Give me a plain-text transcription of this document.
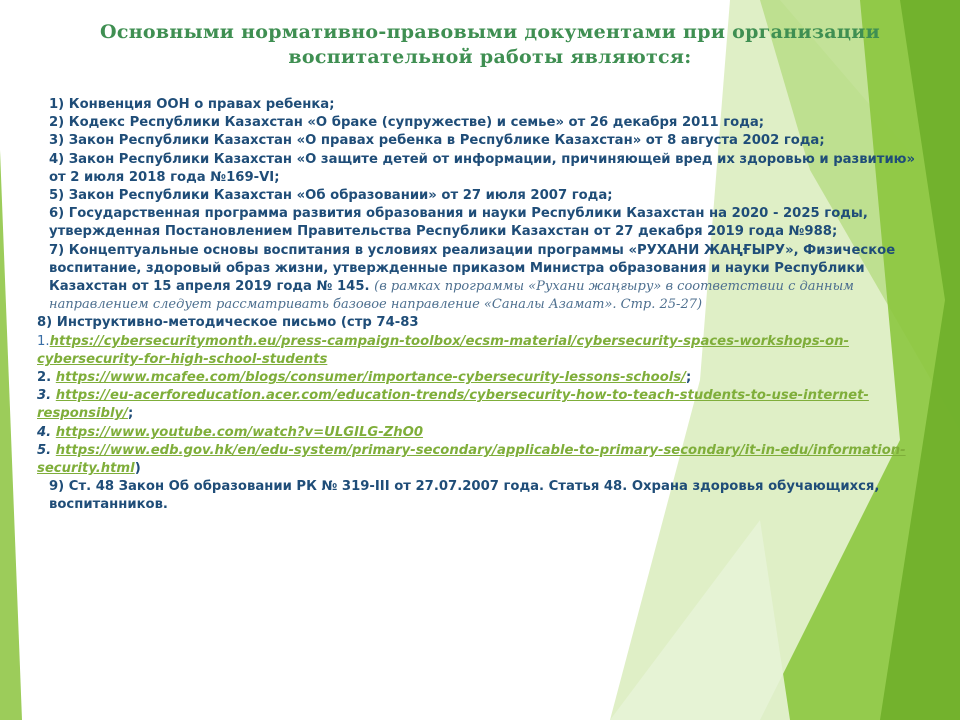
Основными нормативно-правовыми документами при организации воспитательной работы являются:
1) Конвенция ООН о правах ребенка;
2) Кодекс Республики Казахстан «О браке (супружестве) и семье» от 26 декабря 2011 года;
3) Закон Республики Казахстан «О правах ребенка в Республике Казахстан» от 8 августа 2002 года;
4) Закон Республики Казахстан «О защите детей от информации, причиняющей вред их здоровью и развитию» от 2 июля 2018 года №169-VI;
5) Закон Республики Казахстан «Об образовании» от 27 июля 2007 года;
6) Государственная программа развития образования и науки Республики Казахстан на 2020 - 2025 годы, утвержденная Постановлением Правительства Республики Казахстан от 27 декабря 2019 года №988;
7) Концептуальные основы воспитания в условиях реализации программы «РУХАНИ ЖАҢҒЫРУ», Физическое воспитание, здоровый образ жизни, утвержденные приказом Министра образования и науки Республики Казахстан от 15 апреля 2019 года № 145. (в рамках программы «Рухани жаңғыру» в соответствии с данным направлением следует рассматривать базовое направление «Саналы Азамат». Стр. 25-27)
8) Инструктивно-методическое письмо (стр 74-83
1.https://cybersecuritymonth.eu/press-campaign-toolbox/ecsm-material/cybersecurity-spaces-workshops-on-cybersecurity-for-high-school-students
2. https://www.mcafee.com/blogs/consumer/importance-cybersecurity-lessons-schools/;
3. https://eu-acerforeducation.acer.com/education-trends/cybersecurity-how-to-teach-students-to-use-internet-responsibly/;
4. https://www.youtube.com/watch?v=ULGILG-ZhO0
5. https://www.edb.gov.hk/en/edu-system/primary-secondary/applicable-to-primary-secondary/it-in-edu/information-security.html)
9) Ст. 48 Закон Об образовании РК № 319-III от 27.07.2007 года. Статья 48. Охрана здоровья обучающихся, воспитанников.
